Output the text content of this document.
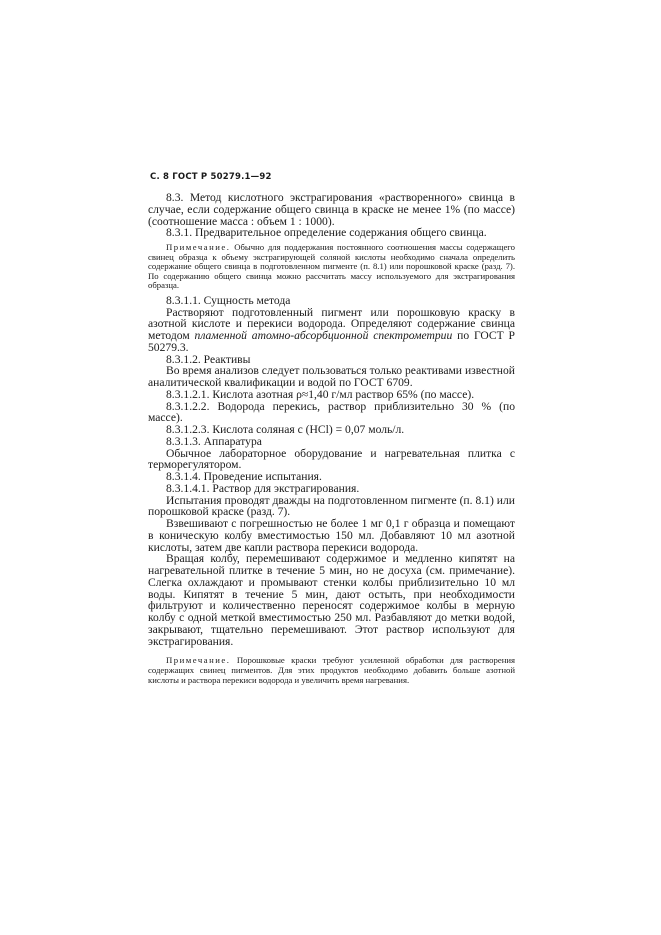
С. 8 ГОСТ Р 50279.1—92

8.3. Метод кислотного экстрагирования «растворенного» свинца в случае, если содержание общего свинца в краске не менее 1% (по массе) (соотношение масса : объем 1 : 1000).

8.3.1. Предварительное определение содержания общего свинца.

Примечание. Обычно для поддержания постоянного соотношения массы содержащего свинец образца к объему экстрагирующей соляной кислоты необходимо сначала определить содержание общего свинца в подготовленном пигменте (п. 8.1) или порошковой краске (разд. 7). По содержанию общего свинца можно рассчитать массу используемого для экстрагирования образца.

8.3.1.1. Сущность метода

Растворяют подготовленный пигмент или порошковую краску в азотной кислоте и перекиси водорода. Определяют содержание свинца методом пламенной атомно-абсорбционной спектрометрии по ГОСТ Р 50279.3.

8.3.1.2. Реактивы

Во время анализов следует пользоваться только реактивами известной аналитической квалификации и водой по ГОСТ 6709.

8.3.1.2.1. Кислота азотная ρ≈1,40 г/мл раствор 65% (по массе).

8.3.1.2.2. Водорода перекись, раствор приблизительно 30 % (по массе).

8.3.1.2.3. Кислота соляная c (HCl) = 0,07 моль/л.

8.3.1.3. Аппаратура

Обычное лабораторное оборудование и нагревательная плитка с терморегулятором.

8.3.1.4. Проведение испытания.

8.3.1.4.1. Раствор для экстрагирования.

Испытания проводят дважды на подготовленном пигменте (п. 8.1) или порошковой краске (разд. 7).

Взвешивают с погрешностью не более 1 мг 0,1 г образца и помещают в коническую колбу вместимостью 150 мл. Добавляют 10 мл азотной кислоты, затем две капли раствора перекиси водорода.

Вращая колбу, перемешивают содержимое и медленно кипятят на нагревательной плитке в течение 5 мин, но не досуха (см. примечание). Слегка охлаждают и промывают стенки колбы приблизительно 10 мл воды. Кипятят в течение 5 мин, дают остыть, при необходимости фильтруют и количественно переносят содержимое колбы в мерную колбу с одной меткой вместимостью 250 мл. Разбавляют до метки водой, закрывают, тщательно перемешивают. Этот раствор используют для экстрагирования.

Примечание. Порошковые краски требуют усиленной обработки для растворения содержащих свинец пигментов. Для этих продуктов необходимо добавить больше азотной кислоты и раствора перекиси водорода и увеличить время нагревания.
